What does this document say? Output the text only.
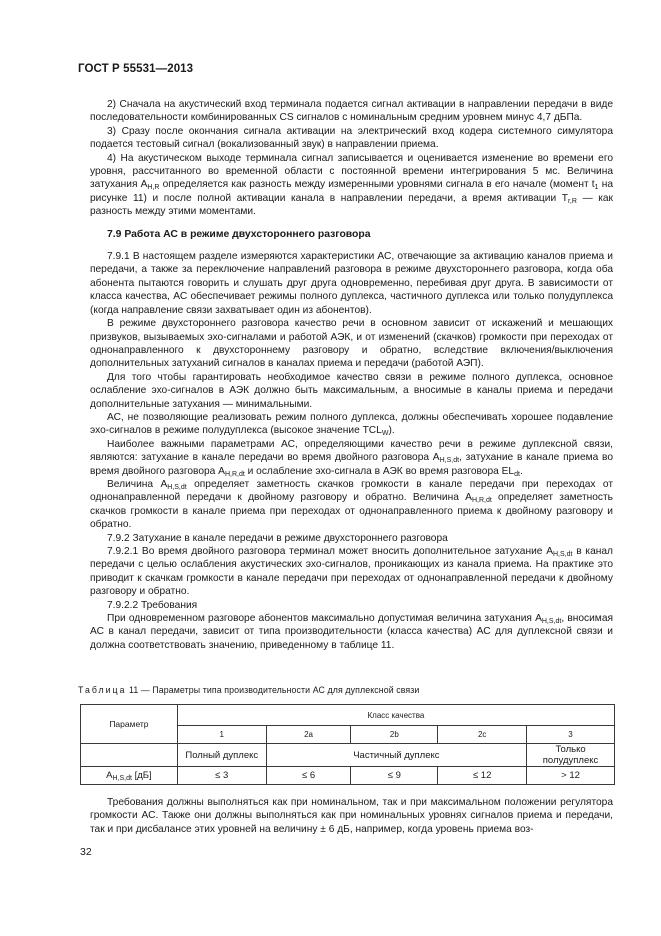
ГОСТ Р 55531—2013

2) Сначала на акустический вход терминала подается сигнал активации в направлении передачи в виде последовательности комбинированных CS сигналов с номинальным средним уровнем минус 4,7 дБПа.

3) Сразу после окончания сигнала активации на электрический вход кодера системного симулятора подается тестовый сигнал (вокализованный звук) в направлении приема.

4) На акустическом выходе терминала сигнал записывается и оценивается изменение во времени его уровня, рассчитанного во временной области с постоянной времени интегрирования 5 мс. Величина затухания $A_{H,R}$ определяется как разность между измеренными уровнями сигнала в его начале (момент $t_1$ на рисунке 11) и после полной активации канала в направлении передачи, а время активации $T_{r,R}$ — как разность между этими моментами.

7.9 Работа АС в режиме двухстороннего разговора

7.9.1 В настоящем разделе измеряются характеристики АС, отвечающие за активацию каналов приема и передачи, а также за переключение направлений разговора в режиме двухстороннего разговора, когда оба абонента пытаются говорить и слушать друг друга одновременно, перебивая друг друга. В зависимости от класса качества, АС обеспечивает режимы полного дуплекса, частичного дуплекса или только полудуплекса (когда направление связи захватывает один из абонентов).

В режиме двухстороннего разговора качество речи в основном зависит от искажений и мешающих призвуков, вызываемых эхо-сигналами и работой АЭК, и от изменений (скачков) громкости при переходах от однонаправленного к двухстороннему разговору и обратно, вследствие включения/выключения дополнительных затуханий сигналов в каналах приема и передачи (работой АЭП).

Для того чтобы гарантировать необходимое качество связи в режиме полного дуплекса, основное ослабление эхо-сигналов в АЭК должно быть максимальным, а вносимые в каналы приема и передачи дополнительные затухания — минимальными.

АС, не позволяющие реализовать режим полного дуплекса, должны обеспечивать хорошее подавление эхо-сигналов в режиме полудуплекса (высокое значение $TCL_W$).

Наиболее важными параметрами АС, определяющими качество речи в режиме дуплексной связи, являются: затухание в канале передачи во время двойного разговора $A_{H,S,dt}$, затухание в канале приема во время двойного разговора $A_{H,R,dt}$ и ослабление эхо-сигнала в АЭК во время разговора $EL_{dt}$.

Величина $A_{H,S,dt}$ определяет заметность скачков громкости в канале передачи при переходах от однонаправленной передачи к двойному разговору и обратно. Величина $A_{H,R,dt}$ определяет заметность скачков громкости в канале приема при переходах от однонаправленного приема к двойному разговору и обратно.

7.9.2 Затухание в канале передачи в режиме двухстороннего разговора

7.9.2.1 Во время двойного разговора терминал может вносить дополнительное затухание $A_{H,S,dt}$ в канал передачи с целью ослабления акустических эхо-сигналов, проникающих из канала приема. На практике это приводит к скачкам громкости в канале передачи при переходах от однонаправленной передачи к двойному разговору и обратно.

7.9.2.2 Требования

При одновременном разговоре абонентов максимально допустимая величина затухания $A_{H,S,dt}$, вносимая АС в канал передачи, зависит от типа производительности (класса качества) АС для дуплексной связи и должна соответствовать значению, приведенному в таблице 11.

Таблица 11 — Параметры типа производительности АС для дуплексной связи
Параметр	Класс качества				
	1	2a	2b	2c	3
	Полный дуплекс	Частичный дуплекс			Только полудуплекс
$A_{H,S,dt}$ [дБ]	≤ 3	≤ 6	≤ 9	≤ 12	> 12

Требования должны выполняться как при номинальном, так и при максимальном положении регулятора громкости АС. Также они должны выполняться как при номинальных уровнях сигналов приема и передачи, так и при дисбалансе этих уровней на величину ± 6 дБ, например, когда уровень приема воз-

32
